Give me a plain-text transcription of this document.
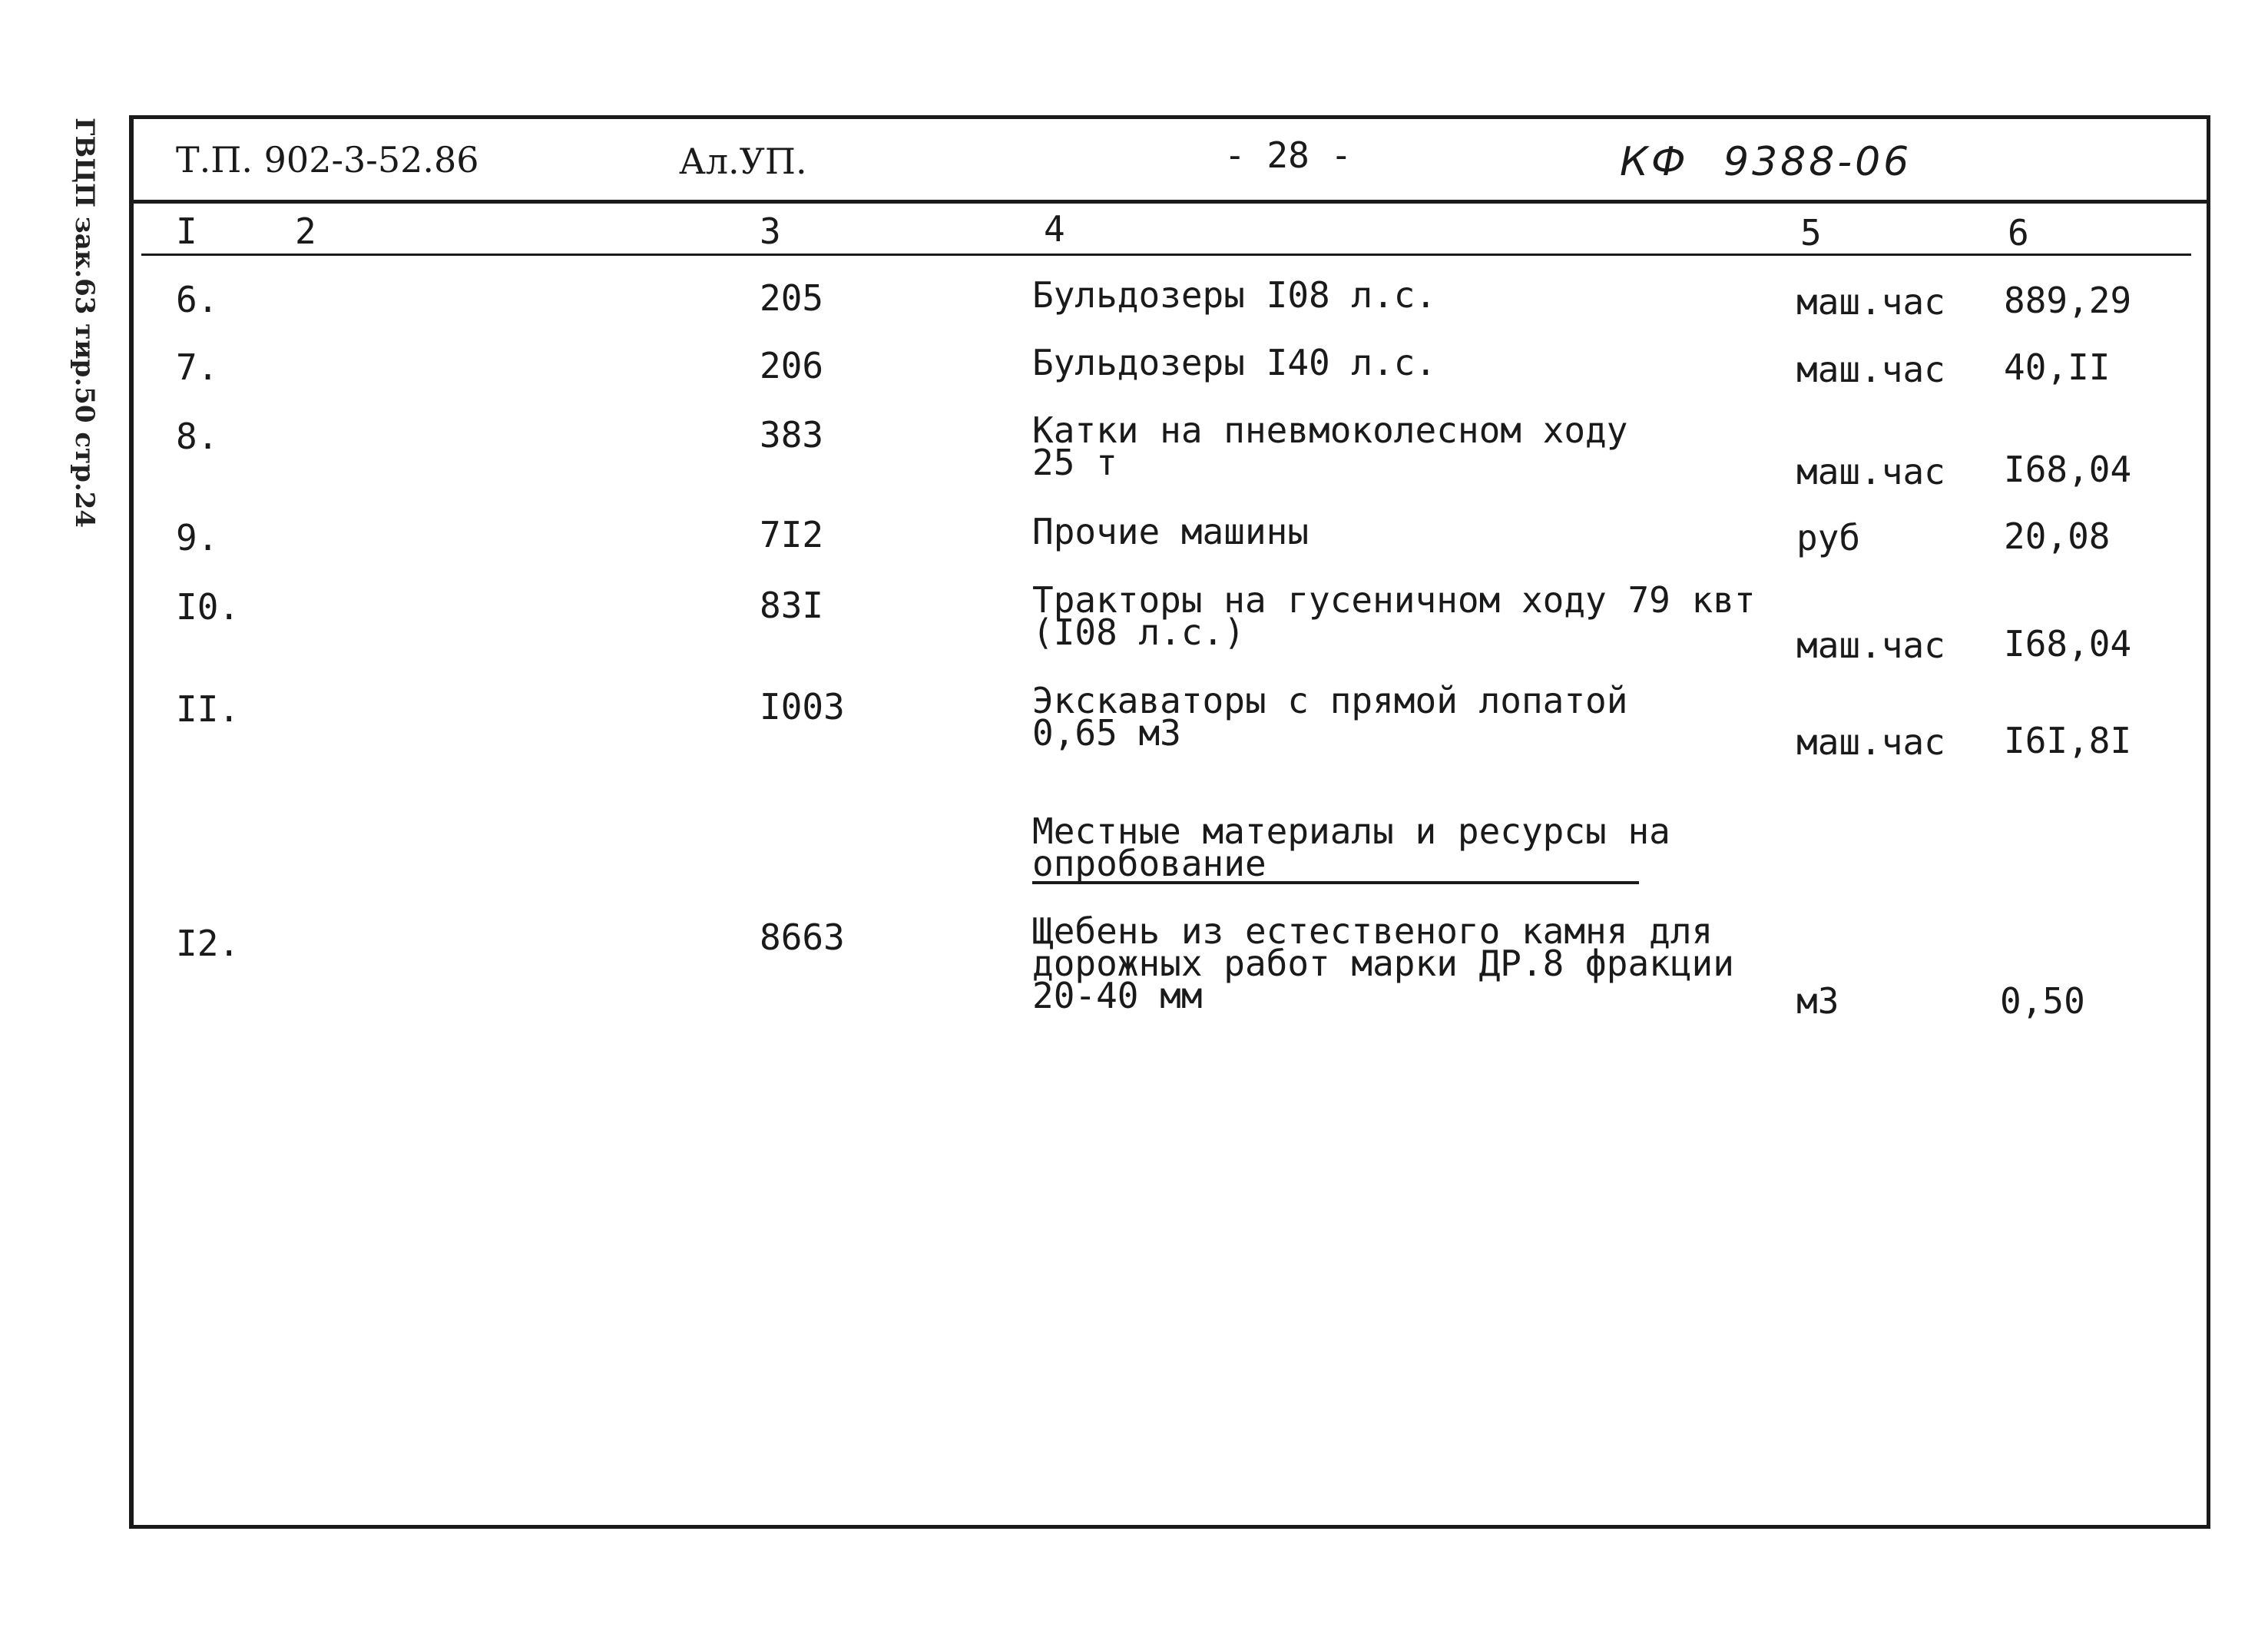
ГВЦП зак.63 тир.50 стр.24 Т.П. 902-3-52.86	Ал.УП.	- 28 -	КФ 9388-06
I	2	3	4	5	6
6.	205	Бульдозеры I08 л.с.	маш.час 889,29
7.	206	Бульдозеры I40 л.с.	маш.час 40,II
8.	383	Катки на пневмоколесном ходу
25 т	маш.час I68,04
9.	7I2	Прочие машины	руб	20,08
I0.	83I	Тракторы на гусеничном ходу 79 квт
(I08 л.с.)	маш.час I68,04
II.	I003	Экскаваторы с прямой лопатой
0,65 м3	маш.час I6I,8I
Местные материалы и ресурсы на
опробование
I2.	8663	Щебень из естественого камня для
дорожных работ марки ДР.8 фракции
20-40 мм	м3	0,50
